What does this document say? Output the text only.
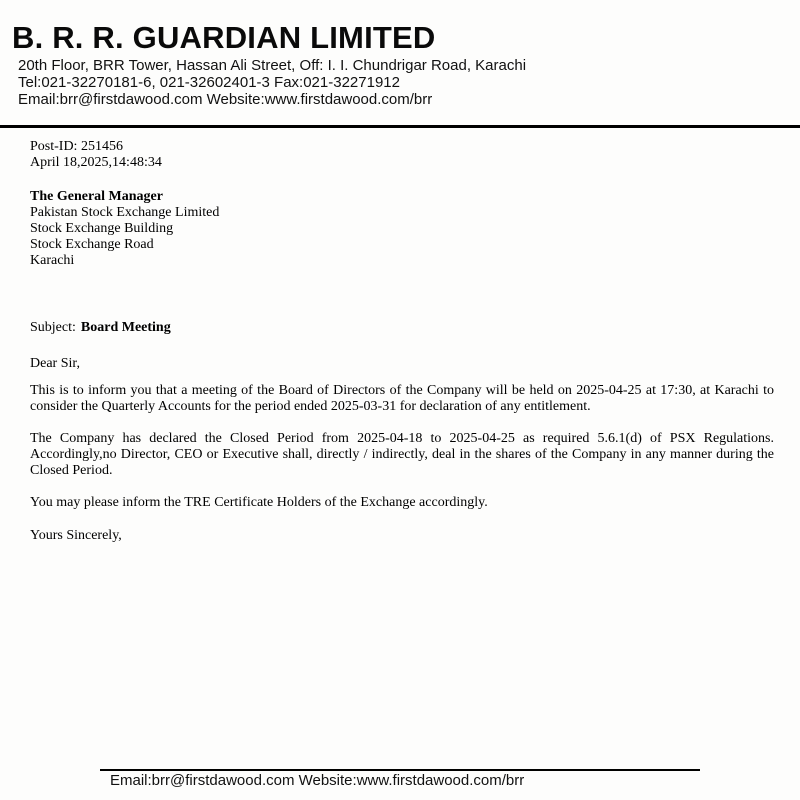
B. R. R. GUARDIAN LIMITED
20th Floor, BRR Tower, Hassan Ali Street, Off: I. I. Chundrigar Road, Karachi
Tel:021-32270181-6, 021-32602401-3 Fax:021-32271912
Email:brr@firstdawood.com Website:www.firstdawood.com/brr
Post-ID: 251456
April 18,2025,14:48:34
The General Manager
Pakistan Stock Exchange Limited
Stock Exchange Building
Stock Exchange Road
Karachi
Subject: Board Meeting

Dear Sir,

This is to inform you that a meeting of the Board of Directors of the Company will be held on 2025-04-25 at 17:30, at Karachi to consider the Quarterly Accounts for the period ended 2025-03-31 for declaration of any entitlement.

The Company has declared the Closed Period from 2025-04-18 to 2025-04-25 as required 5.6.1(d) of PSX Regulations. Accordingly,no Director, CEO or Executive shall, directly / indirectly, deal in the shares of the Company in any manner during the Closed Period.

You may please inform the TRE Certificate Holders of the Exchange accordingly.

Yours Sincerely,

Email:brr@firstdawood.com Website:www.firstdawood.com/brr
